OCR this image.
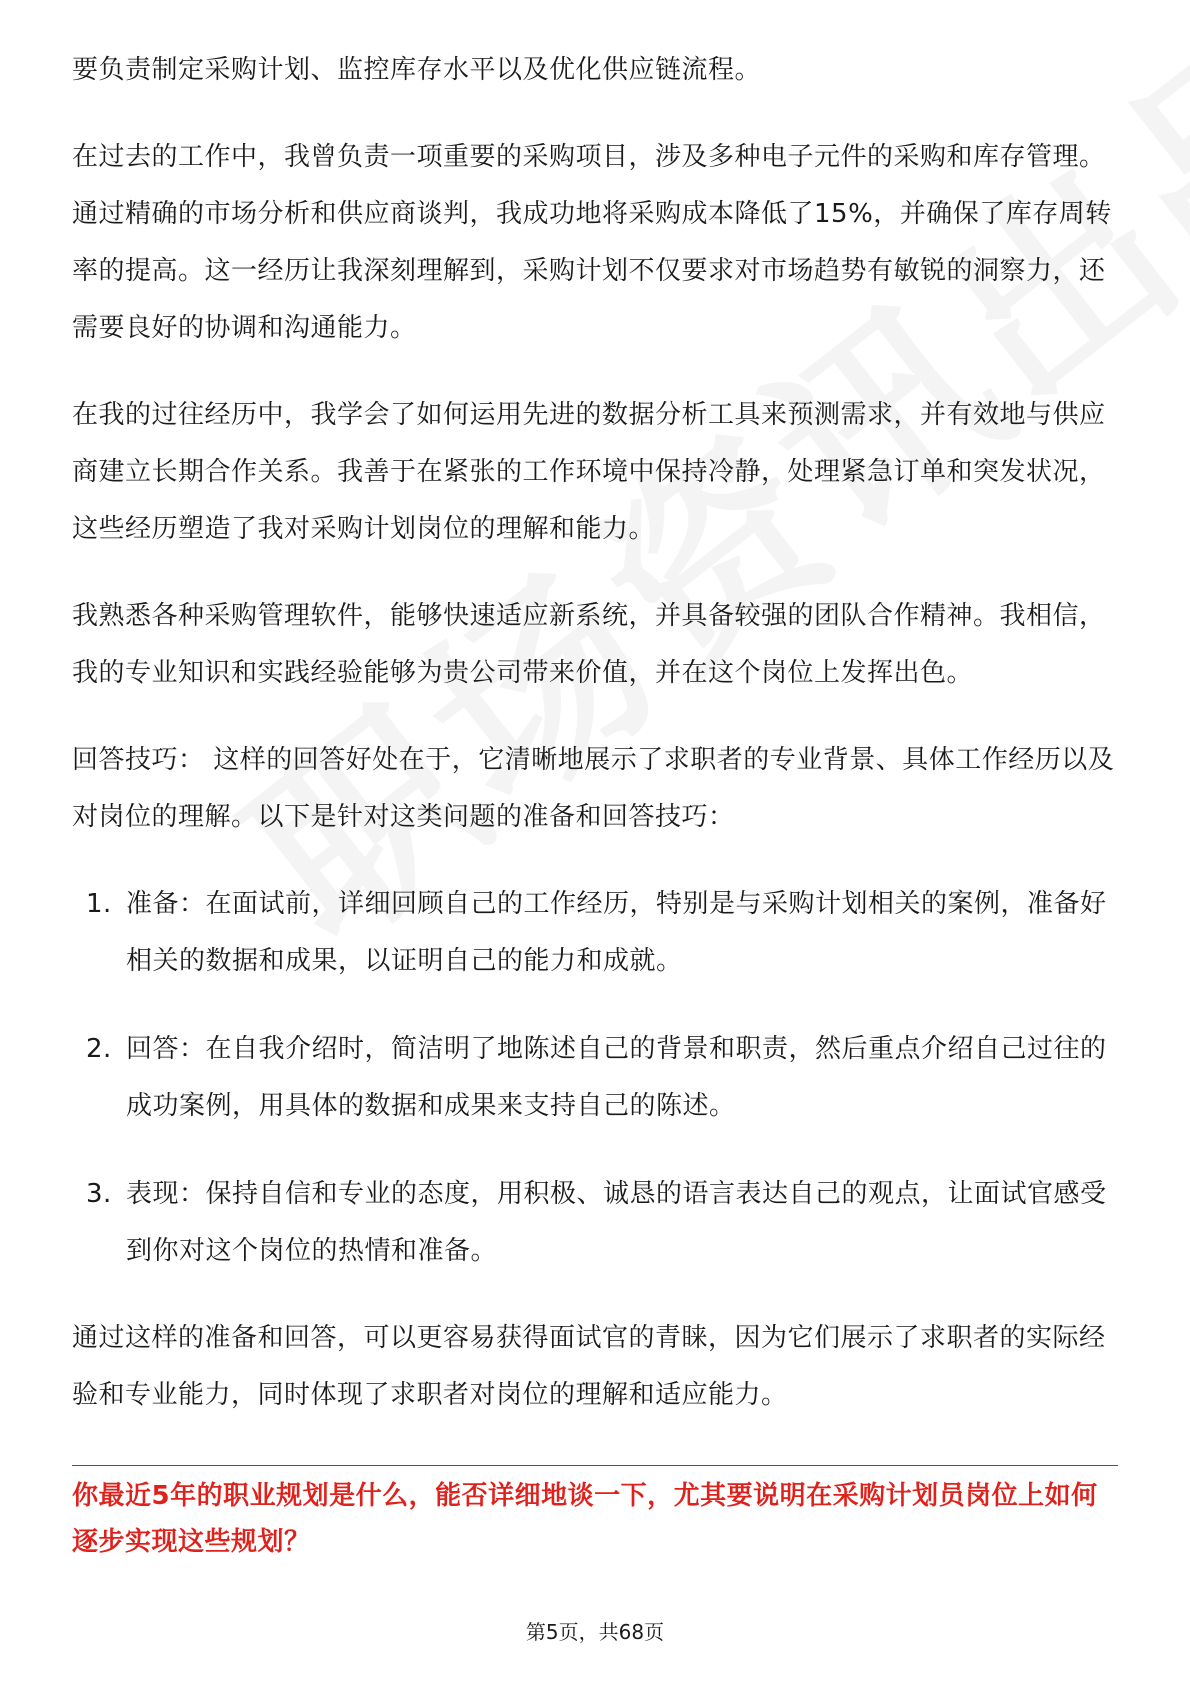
要负责制定采购计划、监控库存水平以及优化供应链流程。

在过去的工作中，我曾负责一项重要的采购项目，涉及多种电子元件的采购和库存管理。通过精确的市场分析和供应商谈判，我成功地将采购成本降低了15%，并确保了库存周转率的提高。这一经历让我深刻理解到，采购计划不仅要求对市场趋势有敏锐的洞察力，还需要良好的协调和沟通能力。

在我的过往经历中，我学会了如何运用先进的数据分析工具来预测需求，并有效地与供应商建立长期合作关系。我善于在紧张的工作环境中保持冷静，处理紧急订单和突发状况，这些经历塑造了我对采购计划岗位的理解和能力。

我熟悉各种采购管理软件，能够快速适应新系统，并具备较强的团队合作精神。我相信，我的专业知识和实践经验能够为贵公司带来价值，并在这个岗位上发挥出色。

回答技巧： 这样的回答好处在于，它清晰地展示了求职者的专业背景、具体工作经历以及对岗位的理解。以下是针对这类问题的准备和回答技巧：

1. 准备：在面试前，详细回顾自己的工作经历，特别是与采购计划相关的案例，准备好相关的数据和成果，以证明自己的能力和成就。
2. 回答：在自我介绍时，简洁明了地陈述自己的背景和职责，然后重点介绍自己过往的成功案例，用具体的数据和成果来支持自己的陈述。
3. 表现：保持自信和专业的态度，用积极、诚恳的语言表达自己的观点，让面试官感受到你对这个岗位的热情和准备。

通过这样的准备和回答，可以更容易获得面试官的青睐，因为它们展示了求职者的实际经验和专业能力，同时体现了求职者对岗位的理解和适应能力。

你最近5年的职业规划是什么，能否详细地谈一下，尤其要说明在采购计划员岗位上如何逐步实现这些规划？

第5页，共68页
